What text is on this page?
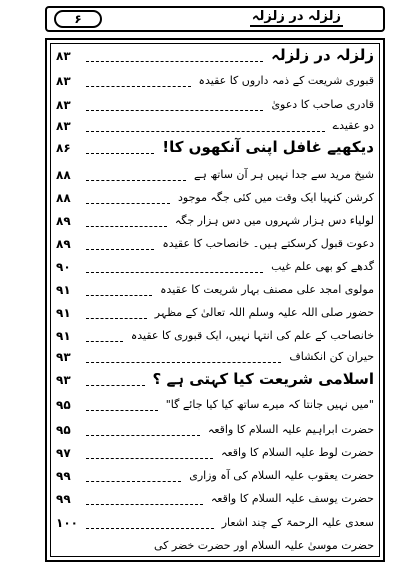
۶	زلزلہ در زلزلہ
زلزلہ در زلزلہ
۸۳
قبوری شریعت کے ذمہ داروں کا عقیدہ
۸۳
قادری صاحب کا دعویٰ
۸۳
دو عقیدے
۸۳
دیکھیے غافل اپنی آنکھوں کا!
۸۶
شیخ مرید سے جدا نہیں ہر آن ساتھ ہے
۸۸
کرشن کنہیا ایک وقت میں کئی جگہ موجود
۸۸
لولیاء دس ہزار شہروں میں دس ہزار جگہ
۸۹
دعوت قبول کرسکتے ہیں۔ خانصاحب کا عقیدہ
۸۹
گدھے کو بھی علم غیب
۹۰
مولوی امجد علی مصنف بہار شریعت کا عقیدہ
۹۱
حضور صلی اللہ علیہ وسلم اللہ تعالیٰ کے مظہر
۹۱
خانصاحب کے علم کی انتہا نہیں، ایک قبوری کا عقیدہ
۹۱
حیران کن انکشاف
۹۳
اسلامی شریعت کیا کہتی ہے ؟
۹۳
"میں نہیں جانتا کہ میرے ساتھ کیا کیا جائے گا"
۹۵
حضرت ابراہیم علیہ السلام کا واقعہ
۹۵
حضرت لوط علیہ السلام کا واقعہ
۹۷
حضرت یعقوب علیہ السلام کی آہ وزاری
۹۹
حضرت یوسف علیہ السلام کا واقعہ
۹۹
سعدی علیہ الرحمۃ کے چند اشعار
۱۰۰
حضرت موسیٰ علیہ السلام اور حضرت خضر کی
